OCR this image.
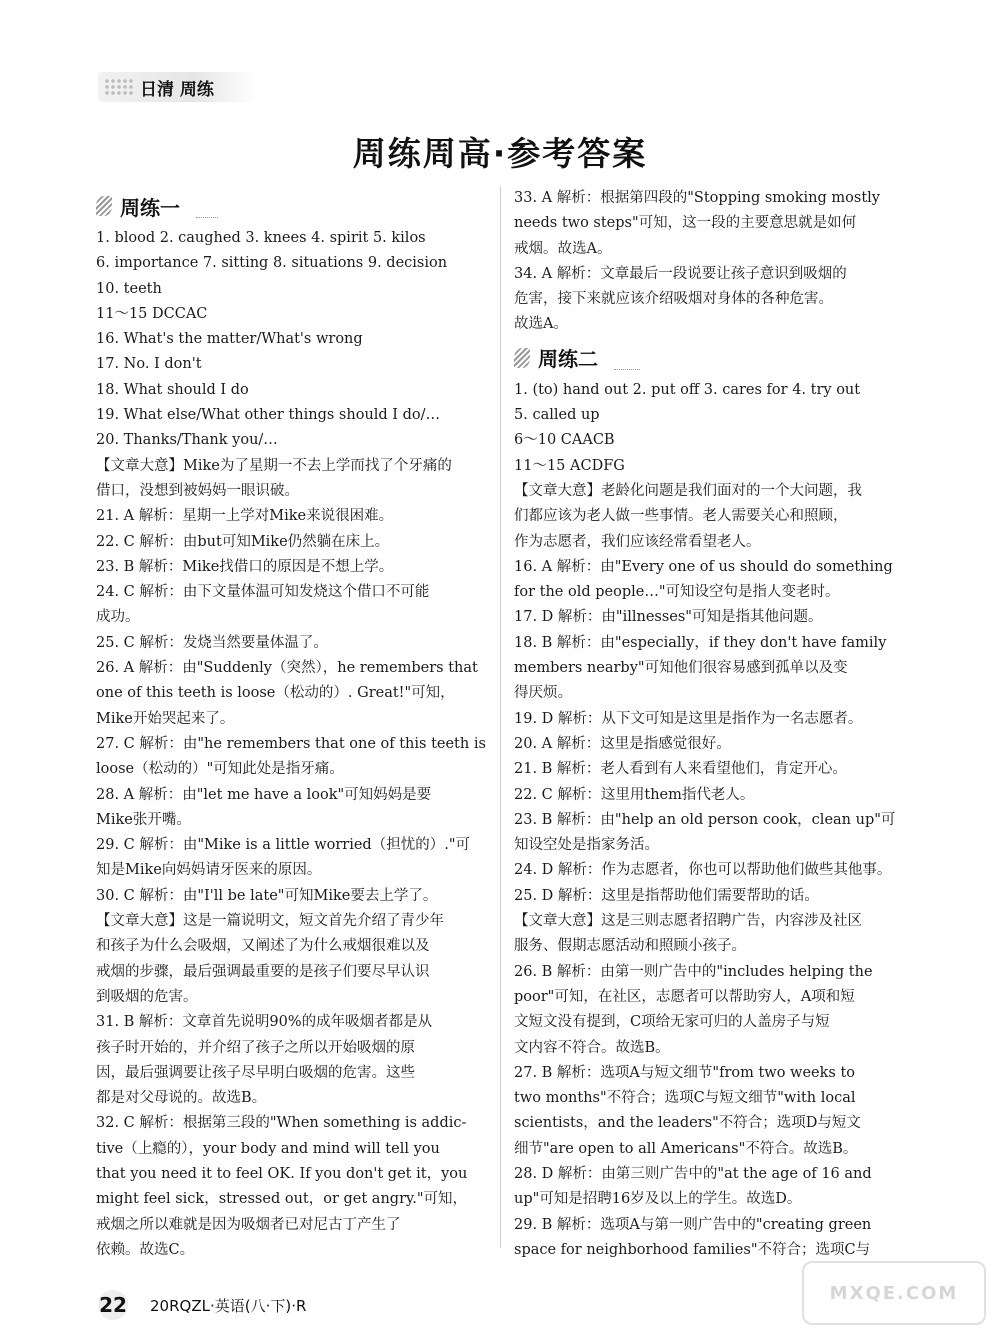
日清 周练
周练周高·参考答案
周练一
1. blood 2. caughed 3. knees 4. spirit 5. kilos
6. importance 7. sitting 8. situations 9. decision
10. teeth
11～15 DCCAC
16. What's the matter/What's wrong
17. No. I don't
18. What should I do
19. What else/What other things should I do/…
20. Thanks/Thank you/…
【文章大意】Mike为了星期一不去上学而找了个牙痛的
借口，没想到被妈妈一眼识破。
21. A 解析：星期一上学对Mike来说很困难。
22. C 解析：由but可知Mike仍然躺在床上。
23. B 解析：Mike找借口的原因是不想上学。
24. C 解析：由下文量体温可知发烧这个借口不可能
成功。
25. C 解析：发烧当然要量体温了。
26. A 解析：由"Suddenly（突然），he remembers that
one of this teeth is loose（松动的）. Great!"可知，
Mike开始哭起来了。
27. C 解析：由"he remembers that one of this teeth is
loose（松动的）"可知此处是指牙痛。
28. A 解析：由"let me have a look"可知妈妈是要
Mike张开嘴。
29. C 解析：由"Mike is a little worried（担忧的）."可
知是Mike向妈妈请牙医来的原因。
30. C 解析：由"I'll be late"可知Mike要去上学了。
【文章大意】这是一篇说明文，短文首先介绍了青少年
和孩子为什么会吸烟，又阐述了为什么戒烟很难以及
戒烟的步骤，最后强调最重要的是孩子们要尽早认识
到吸烟的危害。
31. B 解析：文章首先说明90%的成年吸烟者都是从
孩子时开始的，并介绍了孩子之所以开始吸烟的原
因，最后强调要让孩子尽早明白吸烟的危害。这些
都是对父母说的。故选B。
32. C 解析：根据第三段的"When something is addic-
tive（上瘾的），your body and mind will tell you
that you need it to feel OK. If you don't get it，you
might feel sick，stressed out，or get angry."可知，
戒烟之所以难就是因为吸烟者已对尼古丁产生了
依赖。故选C。
33. A 解析：根据第四段的"Stopping smoking mostly
needs two steps"可知，这一段的主要意思就是如何
戒烟。故选A。
34. A 解析：文章最后一段说要让孩子意识到吸烟的
危害，接下来就应该介绍吸烟对身体的各种危害。
故选A。
周练二
1. (to) hand out 2. put off 3. cares for 4. try out
5. called up
6～10 CAACB
11～15 ACDFG
【文章大意】老龄化问题是我们面对的一个大问题，我
们都应该为老人做一些事情。老人需要关心和照顾，
作为志愿者，我们应该经常看望老人。
16. A 解析：由"Every one of us should do something
for the old people…"可知设空句是指人变老时。
17. D 解析：由"illnesses"可知是指其他问题。
18. B 解析：由"especially，if they don't have family
members nearby"可知他们很容易感到孤单以及变
得厌烦。
19. D 解析：从下文可知是这里是指作为一名志愿者。
20. A 解析：这里是指感觉很好。
21. B 解析：老人看到有人来看望他们，肯定开心。
22. C 解析：这里用them指代老人。
23. B 解析：由"help an old person cook，clean up"可
知设空处是指家务活。
24. D 解析：作为志愿者，你也可以帮助他们做些其他事。
25. D 解析：这里是指帮助他们需要帮助的话。
【文章大意】这是三则志愿者招聘广告，内容涉及社区
服务、假期志愿活动和照顾小孩子。
26. B 解析：由第一则广告中的"includes helping the
poor"可知，在社区，志愿者可以帮助穷人，A项和短
文短文没有提到，C项给无家可归的人盖房子与短
文内容不符合。故选B。
27. B 解析：选项A与短文细节"from two weeks to
two months"不符合；选项C与短文细节"with local
scientists，and the leaders"不符合；选项D与短文
细节"are open to all Americans"不符合。故选B。
28. D 解析：由第三则广告中的"at the age of 16 and
up"可知是招聘16岁及以上的学生。故选D。
29. B 解析：选项A与第一则广告中的"creating green
space for neighborhood families"不符合；选项C与
22 20RQZL·英语(八·下)·R
MXQE.COM
